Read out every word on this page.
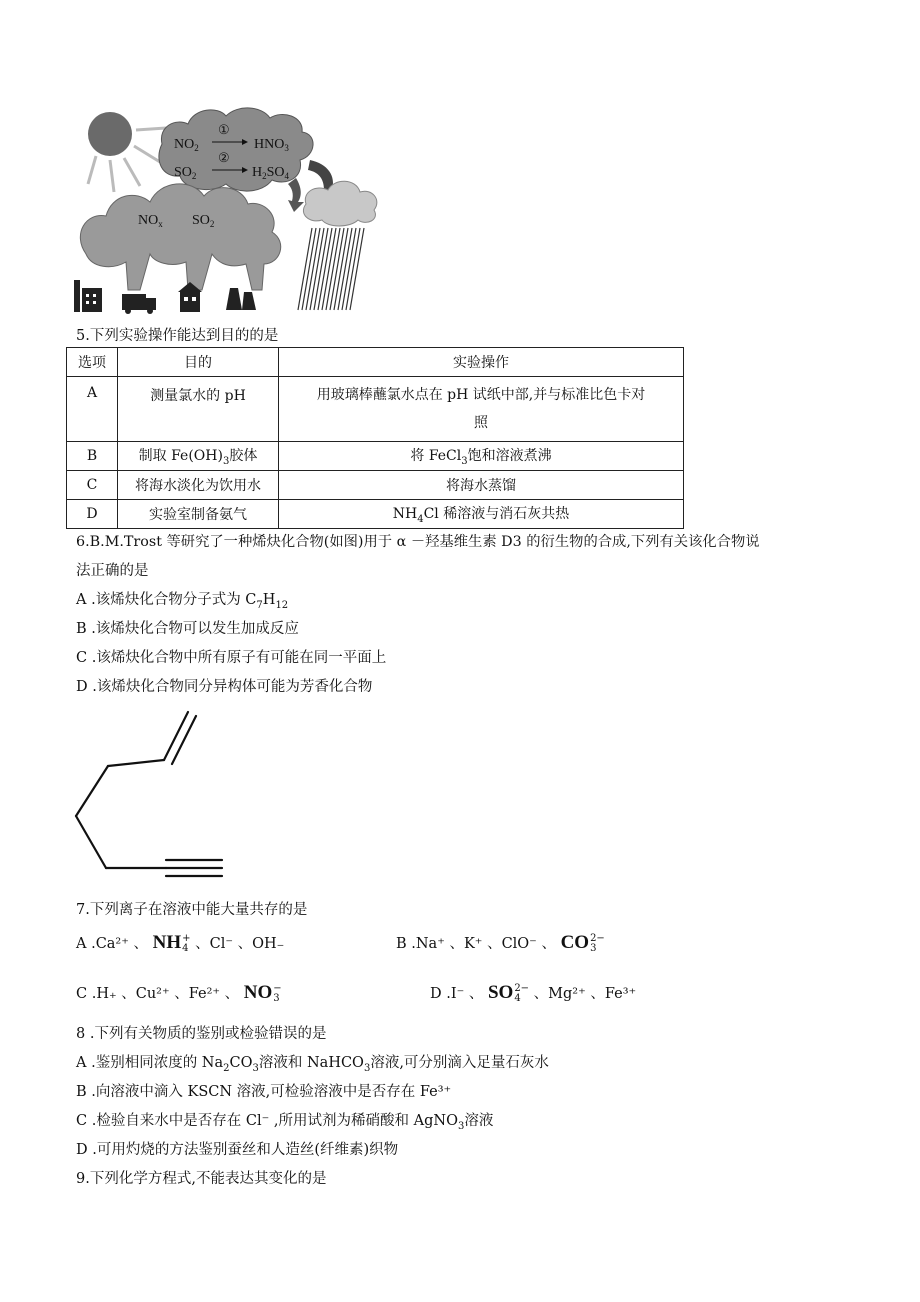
$NO_2$
①
$HNO_3$
$SO_2$
②
$H_2SO_4$
$NO_x$ $SO_2$
5.下列实验操作能达到目的的是
选项	目的	实验操作
A	测量氯水的 pH	用玻璃棒蘸氯水点在 pH 试纸中部,并与标准比色卡对
照
B	制取 $Fe(OH)_3$胶体	将 FeCl$_3$饱和溶液煮沸
C	将海水淡化为饮用水	将海水蒸馏
D	实验室制备氨气	$NH_4Cl$ 稀溶液与消石灰共热
6.B.M.Trost 等研究了一种烯炔化合物(如图)用于 α －羟基维生素 D3 的衍生物的合成,下列有关该化合物说
法正确的是
A .该烯炔化合物分子式为 $C_7H_{12}$
B .该烯炔化合物可以发生加成反应
C .该烯炔化合物中所有原子有可能在同一平面上
D .该烯炔化合物同分异构体可能为芳香化合物
7.下列离子在溶液中能大量共存的是
A .Ca²⁺ 、 NH+
4 、Cl⁻ 、OH₋	B .Na⁺ 、K⁺ 、ClO⁻ 、 CO2−
3
C .H₊ 、Cu²⁺ 、Fe²⁺ 、 NO−
3	D .I⁻ 、 SO2−
4 、Mg²⁺ 、Fe³⁺
8 .下列有关物质的鉴别或检验错误的是
A .鉴别相同浓度的 $Na_2CO_3$溶液和 NaHCO$_3$溶液,可分别滴入足量石灰水
B .向溶液中滴入 KSCN 溶液,可检验溶液中是否存在 Fe³⁺
C .检验自来水中是否存在 Cl⁻ ,所用试剂为稀硝酸和 AgNO$_3$溶液
D .可用灼烧的方法鉴别蚕丝和人造丝(纤维素)织物
9.下列化学方程式,不能表达其变化的是
